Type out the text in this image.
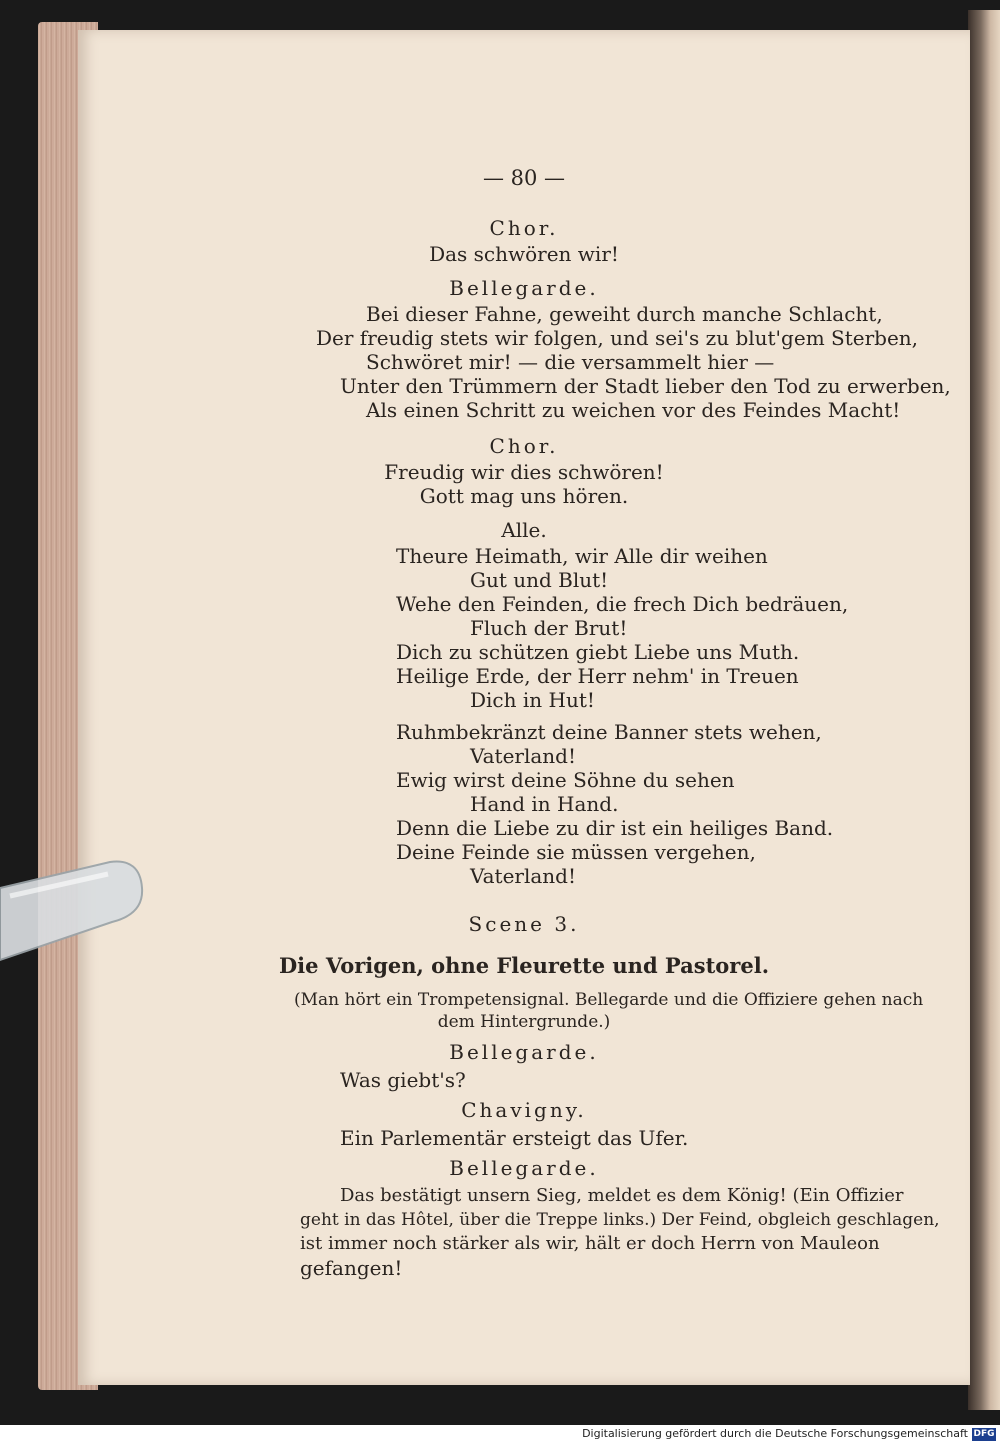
— 80 —
Chor.
Das schwören wir!
Bellegarde.
Bei dieser Fahne, geweiht durch manche Schlacht,
Der freudig stets wir folgen, und sei's zu blut'gem Sterben,
Schwöret mir! — die versammelt hier —
Unter den Trümmern der Stadt lieber den Tod zu erwerben,
Als einen Schritt zu weichen vor des Feindes Macht!
Chor.
Freudig wir dies schwören!
Gott mag uns hören.
Alle.
Theure Heimath, wir Alle dir weihen
Gut und Blut!
Wehe den Feinden, die frech Dich bedräuen,
Fluch der Brut!
Dich zu schützen giebt Liebe uns Muth.
Heilige Erde, der Herr nehm' in Treuen
Dich in Hut!
Ruhmbekränzt deine Banner stets wehen,
Vaterland!
Ewig wirst deine Söhne du sehen
Hand in Hand.
Denn die Liebe zu dir ist ein heiliges Band.
Deine Feinde sie müssen vergehen,
Vaterland!
Scene 3.
Die Vorigen, ohne Fleurette und Pastorel.
(Man hört ein Trompetensignal. Bellegarde und die Offiziere gehen nach
dem Hintergrunde.)
Bellegarde.
Was giebt's?
Chavigny.
Ein Parlementär ersteigt das Ufer.
Bellegarde.
Das bestätigt unsern Sieg, meldet es dem König! (Ein Offizier
geht in das Hôtel, über die Treppe links.) Der Feind, obgleich geschlagen,
ist immer noch stärker als wir, hält er doch Herrn von Mauleon
gefangen!
Digitalisierung gefördert durch die Deutsche Forschungsgemeinschaft DFG
